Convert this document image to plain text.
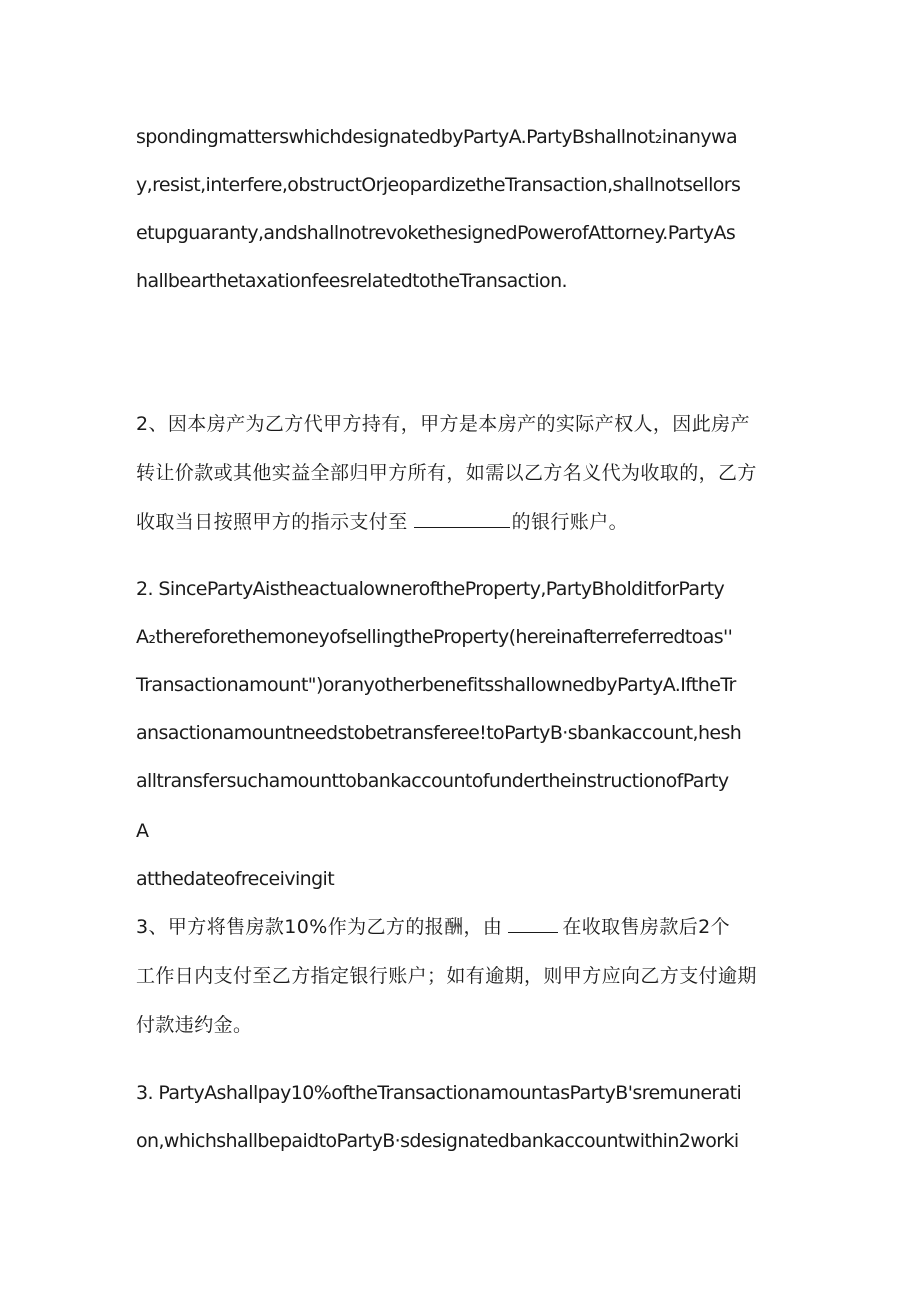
spondingmatterswhichdesignatedbyPartyA.PartyBshallnot₂inanywa
y,resist,interfere,obstructOrjeopardizetheTransaction,shallnotsellors
etupguaranty,andshallnotrevokethesignedPowerofAttorney.PartyAs
hallbearthetaxationfeesrelatedtotheTransaction.
2、因本房产为乙方代甲方持有，甲方是本房产的实际产权人，因此房产
转让价款或其他实益全部归甲方所有，如需以乙方名义代为收取的，乙方
收取当日按照甲方的指示支付至	的银行账户。
2. SincePartyAistheactualowneroftheProperty,PartyBholditforParty
A₂thereforethemoneyofsellingtheProperty(hereinafterreferredtoas''
Transactionamount")oranyotherbenefitsshallownedbyPartyA.IftheTr
ansactionamountneedstobetransferee!toPartyB·sbankaccount,hesh
alltransfersuchamounttobankaccountofundertheinstructionofParty
A
atthedateofreceivingit
3、甲方将售房款10%作为乙方的报酬，由	在收取售房款后2个
工作日内支付至乙方指定银行账户；如有逾期，则甲方应向乙方支付逾期
付款违约金。
3. PartyAshallpay10%oftheTransactionamountasPartyB'sremunerati
on,whichshallbepaidtoPartyB·sdesignatedbankaccountwithin2worki
